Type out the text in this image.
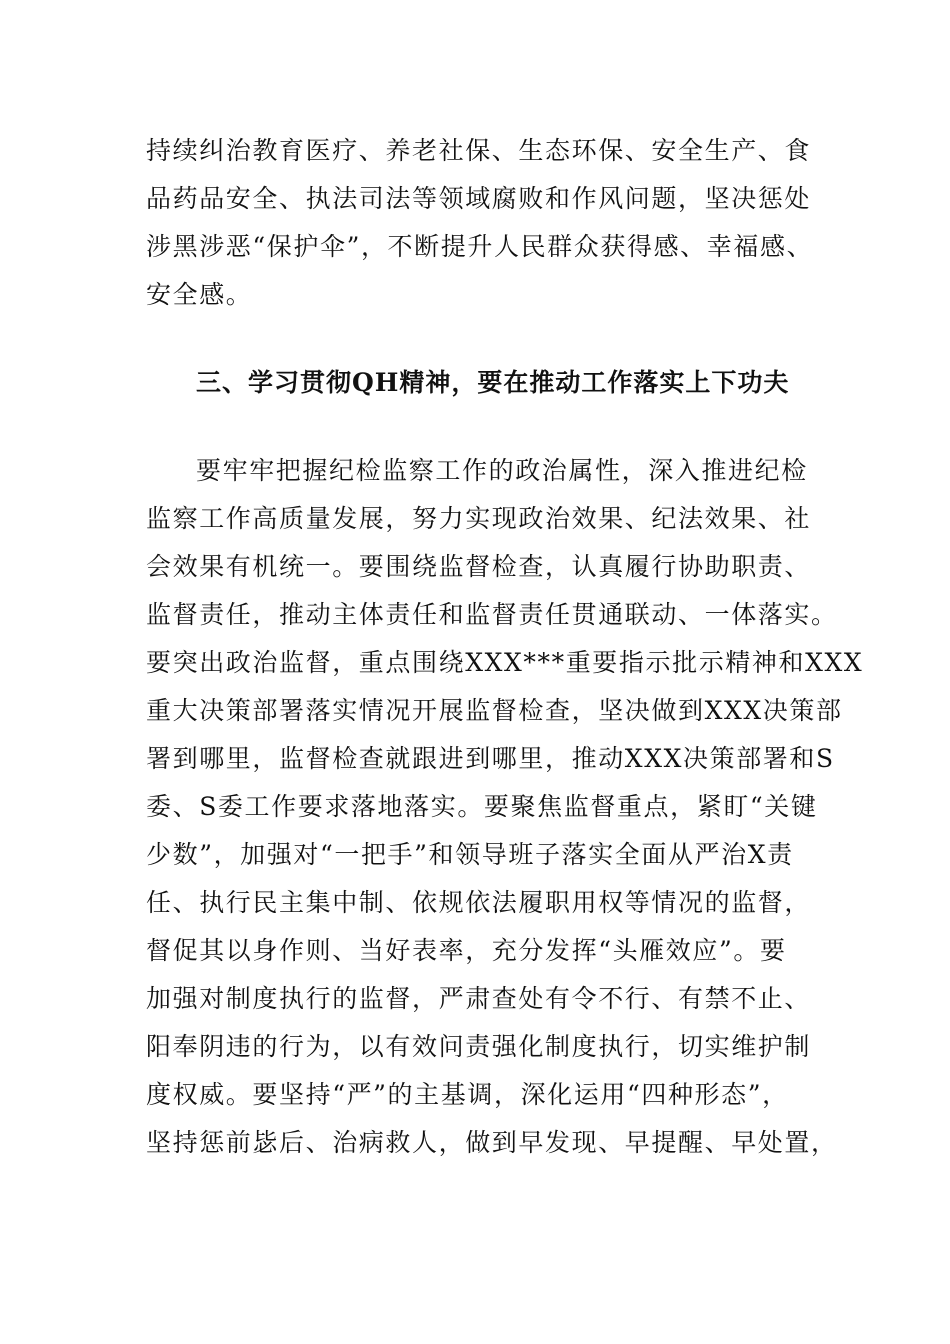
持续纠治教育医疗、养老社保、生态环保、安全生产、食
品药品安全、执法司法等领域腐败和作风问题，坚决惩处
涉黑涉恶“保护伞”，不断提升人民群众获得感、幸福感、
安全感。
三、学习贯彻QH精神，要在推动工作落实上下功夫
要牢牢把握纪检监察工作的政治属性，深入推进纪检
监察工作高质量发展，努力实现政治效果、纪法效果、社
会效果有机统一。要围绕监督检查，认真履行协助职责、
监督责任，推动主体责任和监督责任贯通联动、一体落实。
要突出政治监督，重点围绕XXX***重要指示批示精神和XXX
重大决策部署落实情况开展监督检查，坚决做到XXX决策部
署到哪里，监督检查就跟进到哪里，推动XXX决策部署和S
委、S委工作要求落地落实。要聚焦监督重点，紧盯“关键
少数”，加强对“一把手”和领导班子落实全面从严治X责
任、执行民主集中制、依规依法履职用权等情况的监督，
督促其以身作则、当好表率，充分发挥“头雁效应”。要
加强对制度执行的监督，严肃查处有令不行、有禁不止、
阳奉阴违的行为，以有效问责强化制度执行，切实维护制
度权威。要坚持“严”的主基调，深化运用“四种形态”，
坚持惩前毖后、治病救人，做到早发现、早提醒、早处置，
